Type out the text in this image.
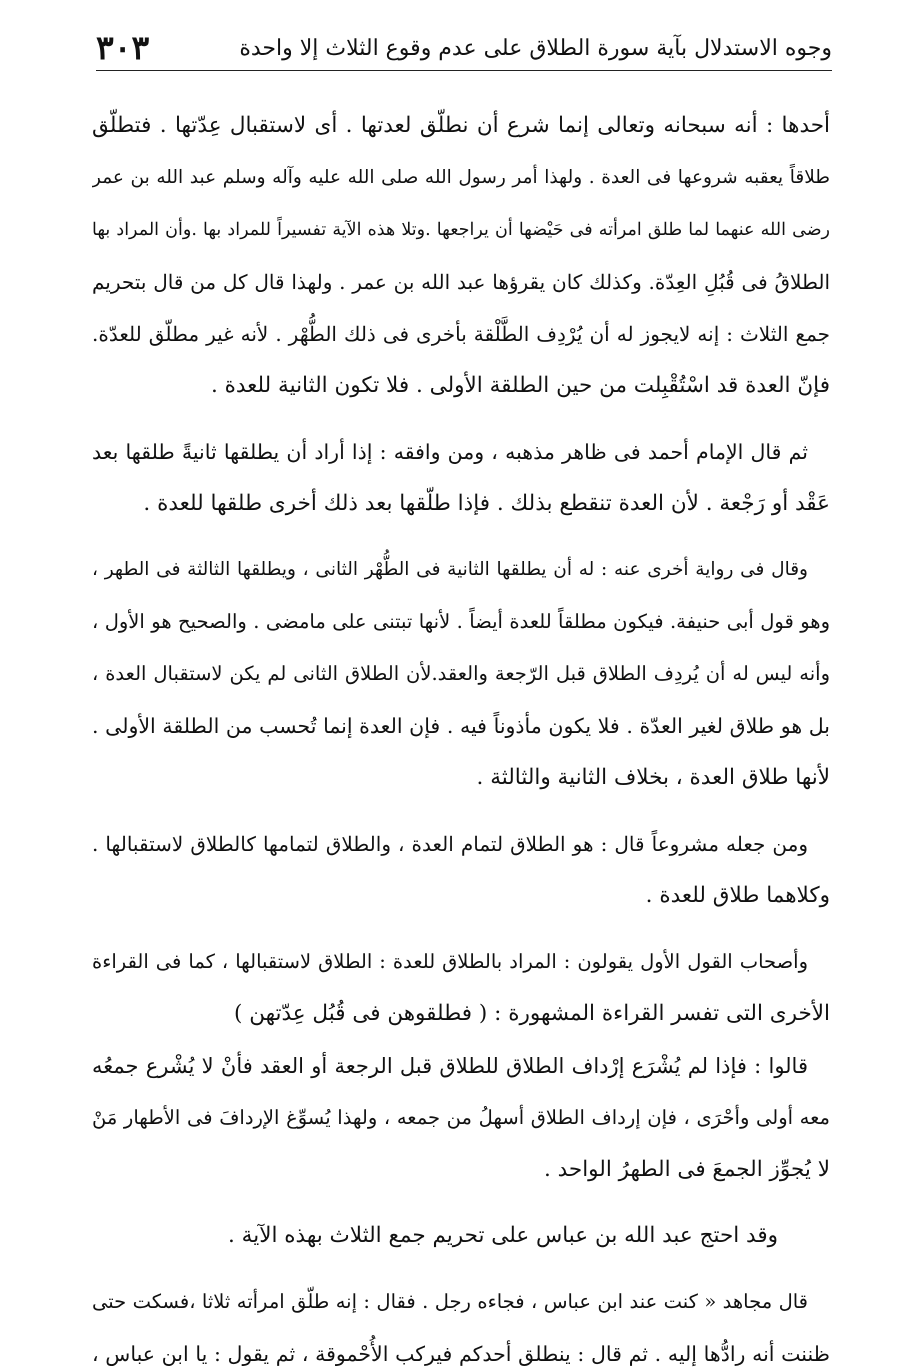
وجوه الاستدلال بآية سورة الطلاق على عدم وقوع الثلاث إلا واحدة
٣٠٣
أحدها : أنه سبحانه وتعالى إنما شرع أن نطلّق لعدتها . أى لاستقبال عِدّتها . فتطلّق
طلاقاً يعقبه شروعها فى العدة . ولهذا أمر رسول الله صلى الله عليه وآله وسلم عبد الله بن عمر
رضى الله عنهما لما طلق امرأته فى حَيْضها أن يراجعها .وتلا هذه الآية تفسيراً للمراد بها .وأن المراد بها
الطلاقُ فى قُبُلِ العِدّة. وكذلك كان يقرؤها عبد الله بن عمر . ولهذا قال كل من قال بتحريم
جمع الثلاث : إنه لايجوز له أن يُرْدِف الطَّلْقة بأخرى فى ذلك الطُّهْر . لأنه غير مطلّق للعدّة.
فإنّ العدة قد اسْتُقْبِلت من حين الطلقة الأولى . فلا تكون الثانية للعدة .
ثم قال الإمام أحمد فى ظاهر مذهبه ، ومن وافقه : إذا أراد أن يطلقها ثانيةً طلقها بعد
عَقْد أو رَجْعة . لأن العدة تنقطع بذلك . فإذا طلّقها بعد ذلك أخرى طلقها للعدة .
وقال فى رواية أخرى عنه : له أن يطلقها الثانية فى الطُّهْر الثانى ، ويطلقها الثالثة فى الطهر ،
وهو قول أبى حنيفة. فيكون مطلقاً للعدة أيضاً . لأنها تبتنى على مامضى . والصحيح هو الأول ،
وأنه ليس له أن يُردِف الطلاق قبل الرّجعة والعقد.لأن الطلاق الثانى لم يكن لاستقبال العدة ،
بل هو طلاق لغير العدّة . فلا يكون مأذوناً فيه . فإن العدة إنما تُحسب من الطلقة الأولى .
لأنها طلاق العدة ، بخلاف الثانية والثالثة .
ومن جعله مشروعاً قال : هو الطلاق لتمام العدة ، والطلاق لتمامها كالطلاق لاستقبالها .
وكلاهما طلاق للعدة .
وأصحاب القول الأول يقولون : المراد بالطلاق للعدة : الطلاق لاستقبالها ، كما فى القراءة
الأخرى التى تفسر القراءة المشهورة : ( فطلقوهن فى قُبُل عِدّتهن )
قالوا : فإذا لم يُشْرَع إرْداف الطلاق للطلاق قبل الرجعة أو العقد فأنْ لا يُشْرع جمعُه
معه أولى وأحْرَى ، فإن إرداف الطلاق أسهلُ من جمعه ، ولهذا يُسوِّغ الإردافَ فى الأطهار مَنْ
لا يُجوِّز الجمعَ فى الطهرُ الواحد .
وقد احتج عبد الله بن عباس على تحريم جمع الثلاث بهذه الآية .
قال مجاهد « كنت عند ابن عباس ، فجاءه رجل . فقال : إنه طلّق امرأته ثلاثا ،فسكت حتى
ظننت أنه رادُّها إليه . ثم قال : ينطلق أحدكم فيركب الأُحْموقة ، ثم يقول : يا ابن عباس ،
